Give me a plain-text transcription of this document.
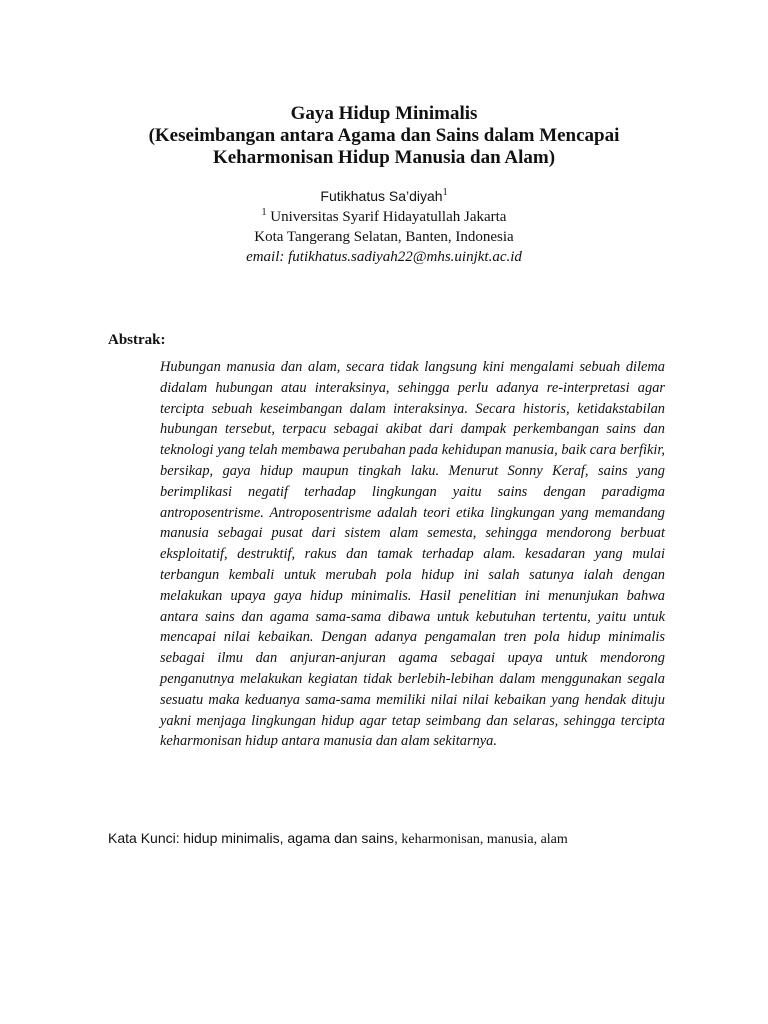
Gaya Hidup Minimalis

(Keseimbangan antara Agama dan Sains dalam Mencapai

Keharmonisan Hidup Manusia dan Alam)

Futikhatus Sa’diyah$^1$
$^1$ Universitas Syarif Hidayatullah Jakarta
Kota Tangerang Selatan, Banten, Indonesia
email: futikhatus.sadiyah22@mhs.uinjkt.ac.id

Abstrak:

Hubungan manusia dan alam, secara tidak langsung kini mengalami sebuah dilema didalam hubungan atau interaksinya, sehingga perlu adanya re-interpretasi agar tercipta sebuah keseimbangan dalam interaksinya. Secara historis, ketidakstabilan hubungan tersebut, terpacu sebagai akibat dari dampak perkembangan sains dan teknologi yang telah membawa perubahan pada kehidupan manusia, baik cara berfikir, bersikap, gaya hidup maupun tingkah laku. Menurut Sonny Keraf, sains yang berimplikasi negatif terhadap lingkungan yaitu sains dengan paradigma antroposentrisme. Antroposentrisme adalah teori etika lingkungan yang memandang manusia sebagai pusat dari sistem alam semesta, sehingga mendorong berbuat eksploitatif, destruktif, rakus dan tamak terhadap alam. kesadaran yang mulai terbangun kembali untuk merubah pola hidup ini salah satunya ialah dengan melakukan upaya gaya hidup minimalis. Hasil penelitian ini menunjukan bahwa antara sains dan agama sama-sama dibawa untuk kebutuhan tertentu, yaitu untuk mencapai nilai kebaikan. Dengan adanya pengamalan tren pola hidup minimalis sebagai ilmu dan anjuran-anjuran agama sebagai upaya untuk mendorong penganutnya melakukan kegiatan tidak berlebih-lebihan dalam menggunakan segala sesuatu maka keduanya sama-sama memiliki nilai nilai kebaikan yang hendak dituju yakni menjaga lingkungan hidup agar tetap seimbang dan selaras, sehingga tercipta keharmonisan hidup antara manusia dan alam sekitarnya.

Kata Kunci: hidup minimalis, agama dan sains, keharmonisan, manusia, alam
